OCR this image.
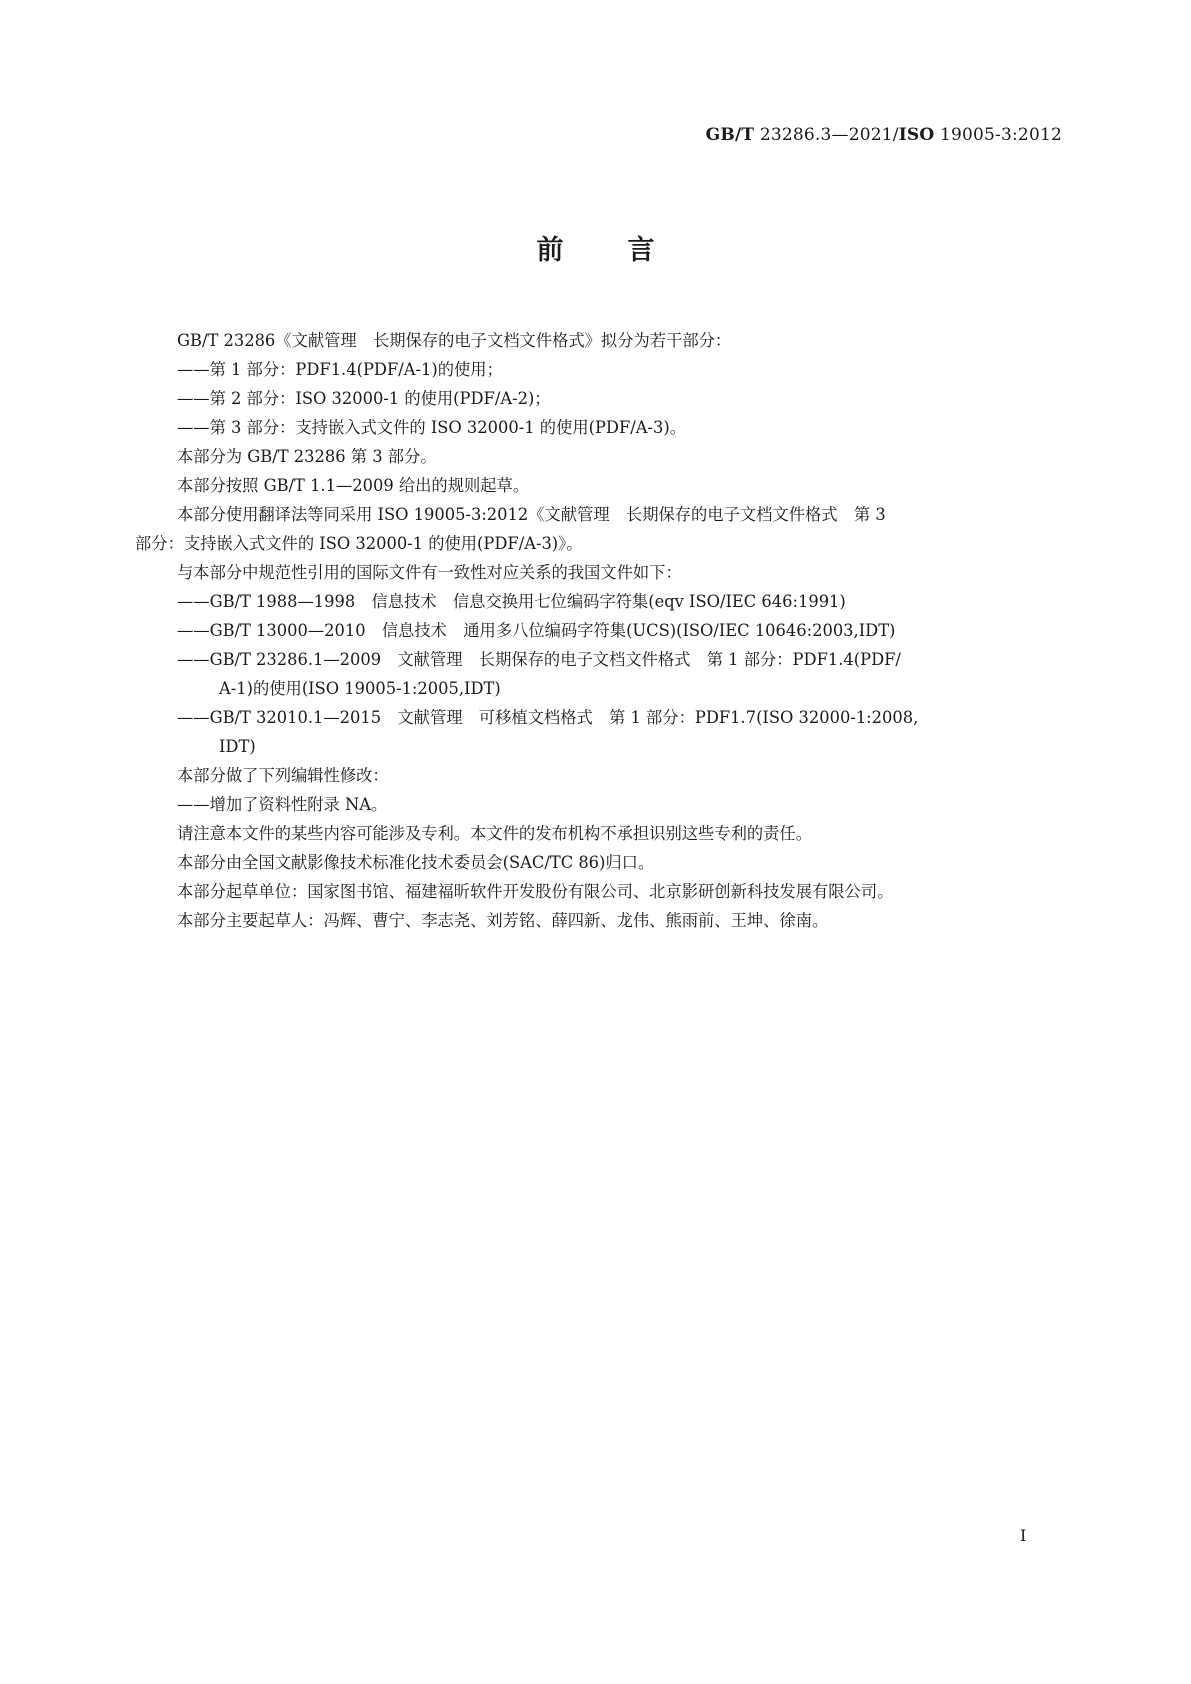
GB/T 23286.3—2021/ISO 19005-3:2012
前 言
GB/T 23286《文献管理　长期保存的电子文档文件格式》拟分为若干部分：
——第 1 部分：PDF1.4(PDF/A-1)的使用；
——第 2 部分：ISO 32000-1 的使用(PDF/A-2)；
——第 3 部分：支持嵌入式文件的 ISO 32000-1 的使用(PDF/A-3)。
本部分为 GB/T 23286 第 3 部分。
本部分按照 GB/T 1.1—2009 给出的规则起草。
本部分使用翻译法等同采用 ISO 19005-3:2012《文献管理　长期保存的电子文档文件格式　第 3
部分：支持嵌入式文件的 ISO 32000-1 的使用(PDF/A-3)》。
与本部分中规范性引用的国际文件有一致性对应关系的我国文件如下：
——GB/T 1988—1998　信息技术　信息交换用七位编码字符集(eqv ISO/IEC 646:1991)
——GB/T 13000—2010　信息技术　通用多八位编码字符集(UCS)(ISO/IEC 10646:2003,IDT)
——GB/T 23286.1—2009　文献管理　长期保存的电子文档文件格式　第 1 部分：PDF1.4(PDF/
A-1)的使用(ISO 19005-1:2005,IDT)
——GB/T 32010.1—2015　文献管理　可移植文档格式　第 1 部分：PDF1.7(ISO 32000-1:2008,
IDT)
本部分做了下列编辑性修改：
——增加了资料性附录 NA。
请注意本文件的某些内容可能涉及专利。本文件的发布机构不承担识别这些专利的责任。
本部分由全国文献影像技术标准化技术委员会(SAC/TC 86)归口。
本部分起草单位：国家图书馆、福建福昕软件开发股份有限公司、北京影研创新科技发展有限公司。
本部分主要起草人：冯辉、曹宁、李志尧、刘芳铭、薛四新、龙伟、熊雨前、王坤、徐南。
I
